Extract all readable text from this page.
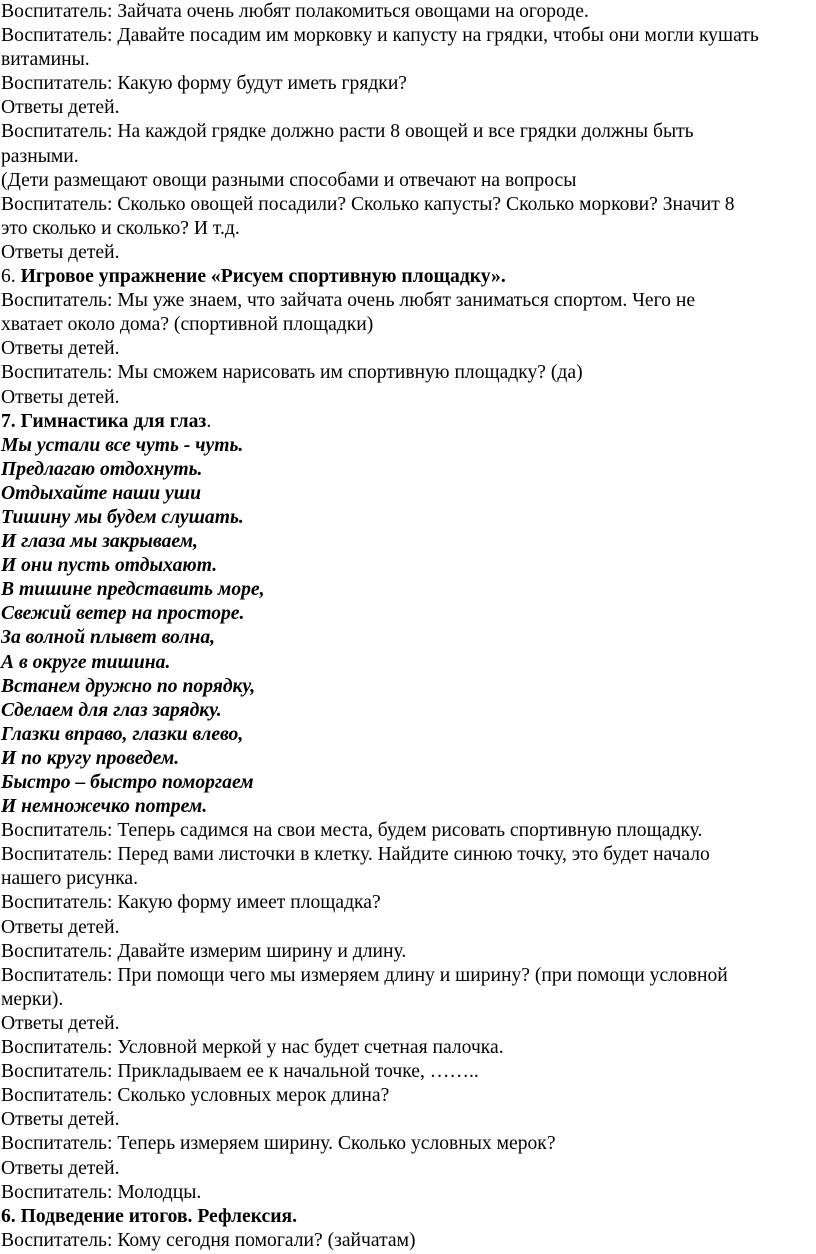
Воспитатель: Зайчата очень любят полакомиться овощами на огороде.
Воспитатель: Давайте посадим им морковку и капусту на грядки, чтобы они могли кушать
витамины.
Воспитатель: Какую форму будут иметь грядки?
Ответы детей.
Воспитатель: На каждой грядке должно расти 8 овощей и все грядки должны быть
разными.
(Дети размещают овощи разными способами и отвечают на вопросы
Воспитатель: Сколько овощей посадили? Сколько капусты? Сколько моркови? Значит 8
это сколько и сколько? И т.д.
Ответы детей.
6. Игровое упражнение «Рисуем спортивную площадку».
Воспитатель: Мы уже знаем, что зайчата очень любят заниматься спортом. Чего не
хватает около дома? (спортивной площадки)
Ответы детей.
Воспитатель: Мы сможем нарисовать им спортивную площадку? (да)
Ответы детей.
7. Гимнастика для глаз.
Мы устали все чуть - чуть.
Предлагаю отдохнуть.
Отдыхайте наши уши
Тишину мы будем слушать.
И глаза мы закрываем,
И они пусть отдыхают.
В тишине представить море,
Свежий ветер на просторе.
За волной плывет волна,
А в округе тишина.
Встанем дружно по порядку,
Сделаем для глаз зарядку.
Глазки вправо, глазки влево,
И по кругу проведем.
Быстро – быстро поморгаем
И немножечко потрем.
Воспитатель: Теперь садимся на свои места, будем рисовать спортивную площадку.
Воспитатель: Перед вами листочки в клетку. Найдите синюю точку, это будет начало
нашего рисунка.
Воспитатель: Какую форму имеет площадка?
Ответы детей.
Воспитатель: Давайте измерим ширину и длину.
Воспитатель: При помощи чего мы измеряем длину и ширину? (при помощи условной
мерки).
Ответы детей.
Воспитатель: Условной меркой у нас будет счетная палочка.
Воспитатель: Прикладываем ее к начальной точке, ……..
Воспитатель: Сколько условных мерок длина?
Ответы детей.
Воспитатель: Теперь измеряем ширину. Сколько условных мерок?
Ответы детей.
Воспитатель: Молодцы.
6. Подведение итогов. Рефлексия.
Воспитатель: Кому сегодня помогали? (зайчатам)
